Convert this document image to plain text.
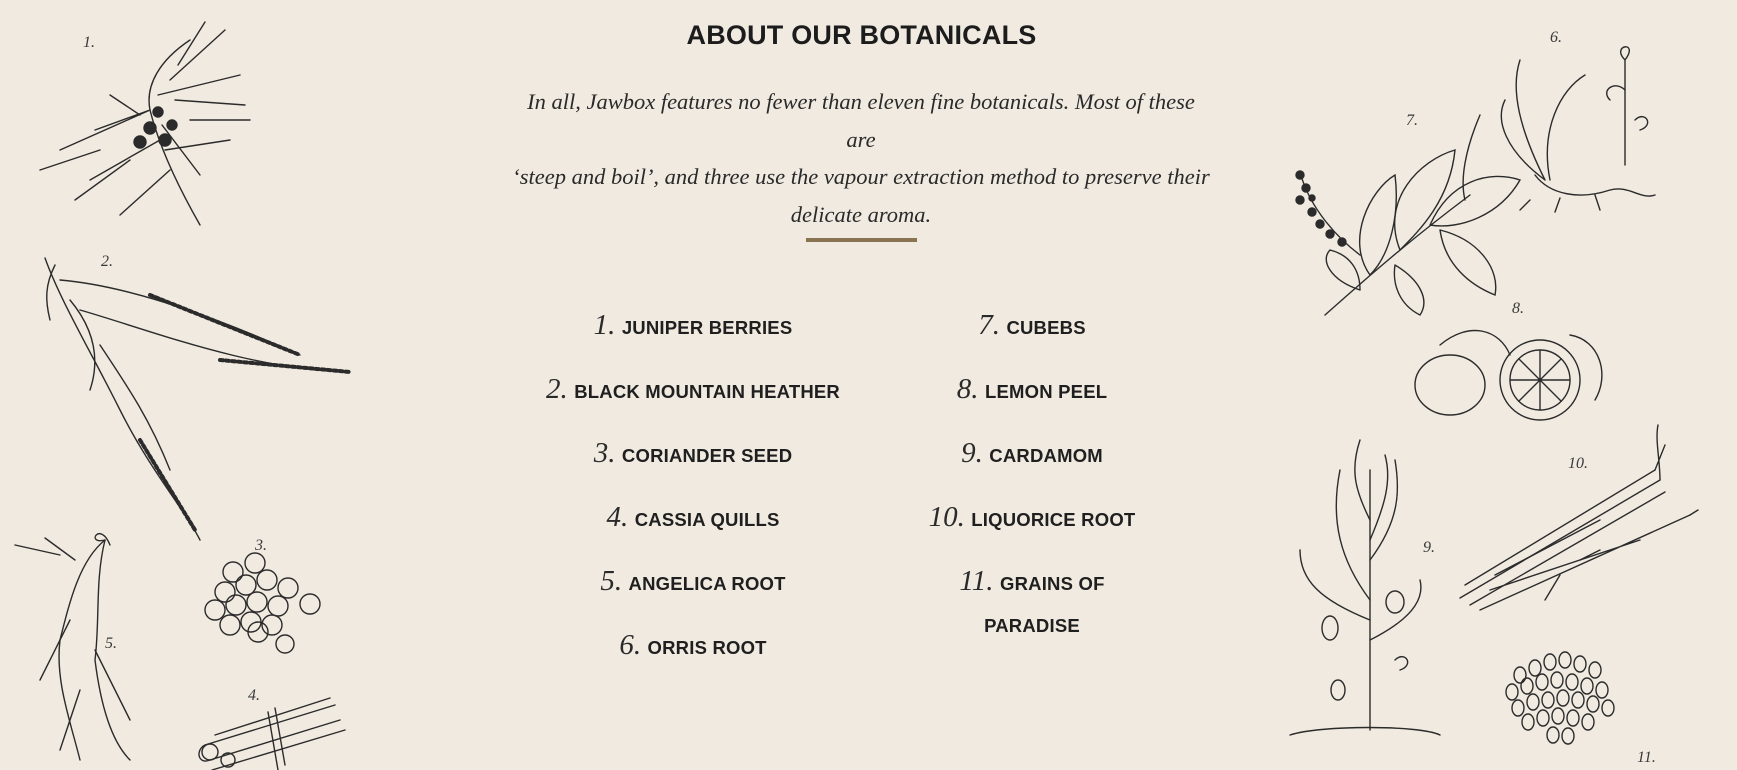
ABOUT OUR BOTANICALS

In all, Jawbox features no fewer than eleven fine botanicals. Most of these are
‘steep and boil’, and three use the vapour extraction method to preserve their
delicate aroma.

1. JUNIPER BERRIES
2. BLACK MOUNTAIN HEATHER
3. CORIANDER SEED
4. CASSIA QUILLS
5. ANGELICA ROOT
6. ORRIS ROOT
7. CUBEBS
8. LEMON PEEL
9. CARDAMOM
10. LIQUORICE ROOT
11. GRAINS OF
PARADISE
1.
2.
3.
4.
5.
6.
7.
8.
9.
10.
11.
